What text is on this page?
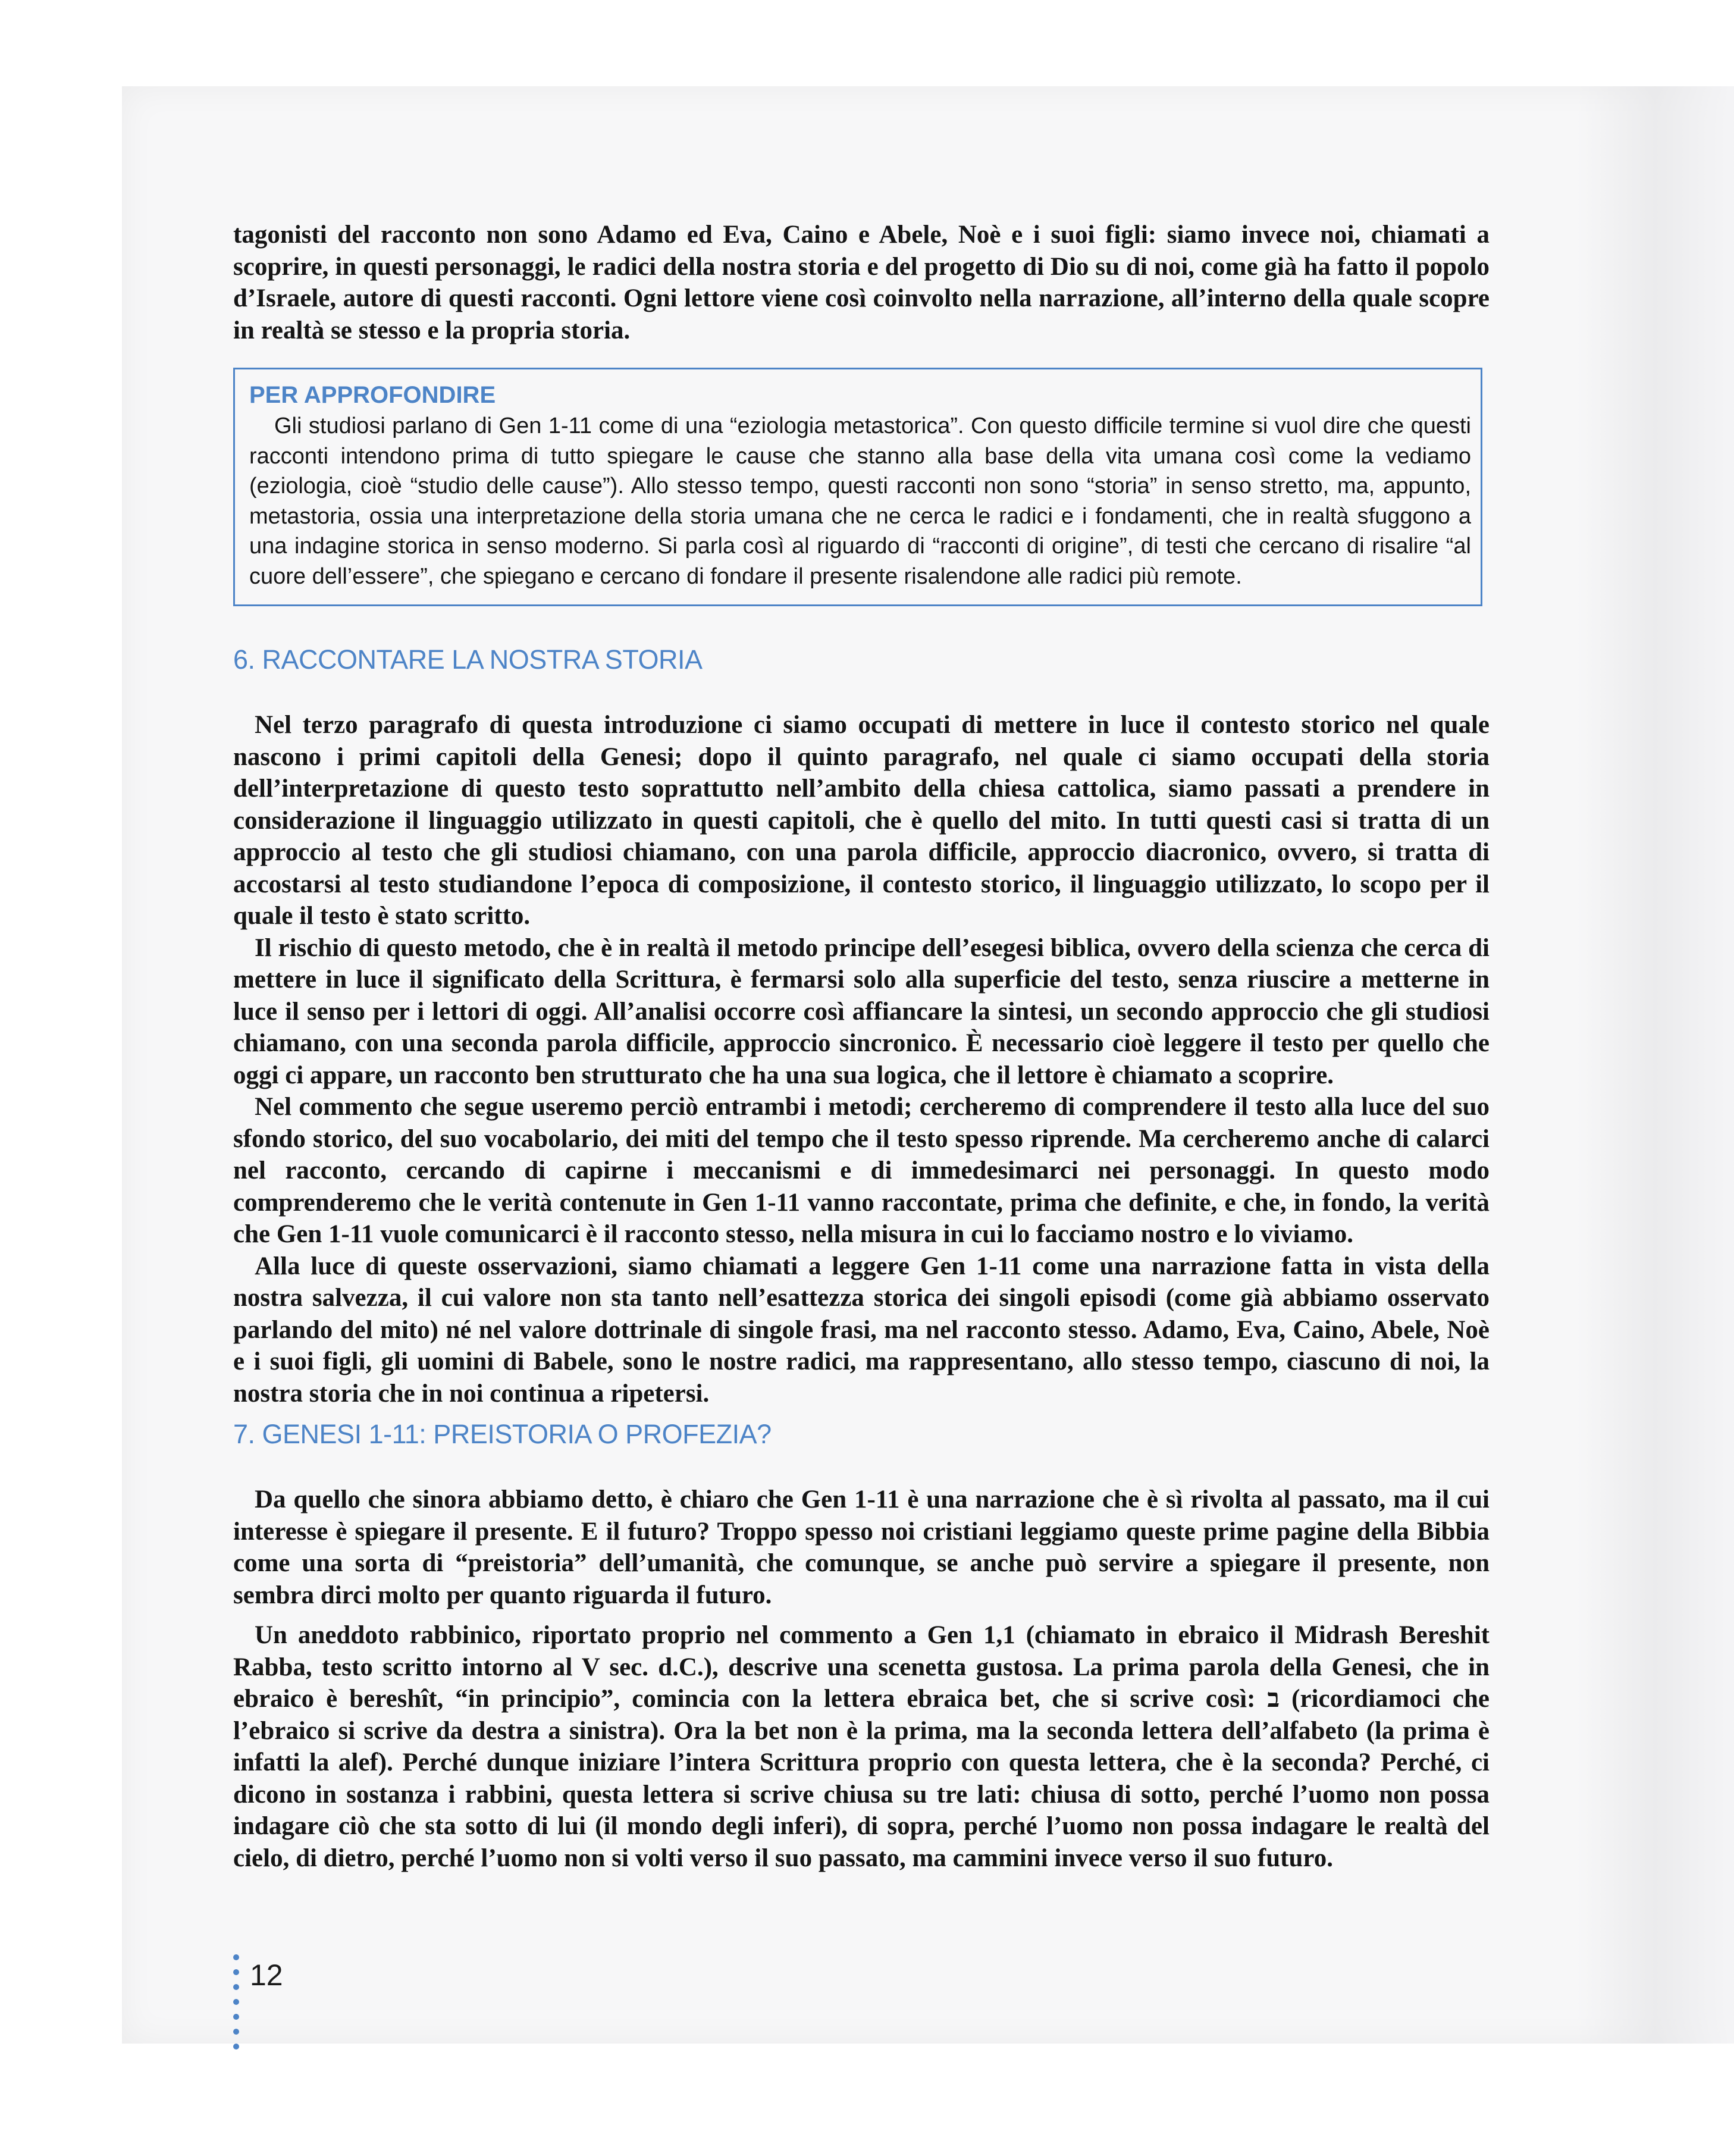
tagonisti del racconto non sono Adamo ed Eva, Caino e Abele, Noè e i suoi figli: siamo invece noi, chiamati a scoprire, in questi personaggi, le radici della nostra storia e del progetto di Dio su di noi, come già ha fatto il popolo d’Israele, autore di questi racconti. Ogni lettore viene così coinvolto nella narrazione, all’interno della quale scopre in realtà se stesso e la propria storia.

PER APPROFONDIRE

Gli studiosi parlano di Gen 1-11 come di una “eziologia metastorica”. Con questo difficile termine si vuol dire che questi racconti intendono prima di tutto spiegare le cause che stanno alla base della vita umana così come la vediamo (eziologia, cioè “studio delle cause”). Allo stesso tempo, questi racconti non sono “storia” in senso stretto, ma, appunto, metastoria, ossia una interpretazione della storia umana che ne cerca le radici e i fondamenti, che in realtà sfuggono a una indagine storica in senso moderno. Si parla così al riguardo di “racconti di origine”, di testi che cercano di risalire “al cuore dell’essere”, che spiegano e cercano di fondare il presente risalendone alle radici più remote.

6. RACCONTARE LA NOSTRA STORIA

Nel terzo paragrafo di questa introduzione ci siamo occupati di mettere in luce il contesto storico nel quale nascono i primi capitoli della Genesi; dopo il quinto paragrafo, nel quale ci siamo occupati della storia dell’interpretazione di questo testo soprattutto nell’ambito della chiesa cattolica, siamo passati a prendere in considerazione il linguaggio utilizzato in questi capitoli, che è quello del mito. In tutti questi casi si tratta di un approccio al testo che gli studiosi chiamano, con una parola difficile, approccio diacronico, ovvero, si tratta di accostarsi al testo studiandone l’epoca di composizione, il contesto storico, il linguaggio utilizzato, lo scopo per il quale il testo è stato scritto.

Il rischio di questo metodo, che è in realtà il metodo principe dell’esegesi biblica, ovvero della scienza che cerca di mettere in luce il significato della Scrittura, è fermarsi solo alla superficie del testo, senza riuscire a metterne in luce il senso per i lettori di oggi. All’analisi occorre così affiancare la sintesi, un secondo approccio che gli studiosi chiamano, con una seconda parola difficile, approccio sincronico. È necessario cioè leggere il testo per quello che oggi ci appare, un racconto ben strutturato che ha una sua logica, che il lettore è chiamato a scoprire.

Nel commento che segue useremo perciò entrambi i metodi; cercheremo di comprendere il testo alla luce del suo sfondo storico, del suo vocabolario, dei miti del tempo che il testo spesso riprende. Ma cercheremo anche di calarci nel racconto, cercando di capirne i meccanismi e di immedesimarci nei personaggi. In questo modo comprenderemo che le verità contenute in Gen 1-11 vanno raccontate, prima che definite, e che, in fondo, la verità che Gen 1-11 vuole comunicarci è il racconto stesso, nella misura in cui lo facciamo nostro e lo viviamo.

Alla luce di queste osservazioni, siamo chiamati a leggere Gen 1-11 come una narrazione fatta in vista della nostra salvezza, il cui valore non sta tanto nell’esattezza storica dei singoli episodi (come già abbiamo osservato parlando del mito) né nel valore dottrinale di singole frasi, ma nel racconto stesso. Adamo, Eva, Caino, Abele, Noè e i suoi figli, gli uomini di Babele, sono le nostre radici, ma rappresentano, allo stesso tempo, ciascuno di noi, la nostra storia che in noi continua a ripetersi.

7. GENESI 1-11: PREISTORIA O PROFEZIA?

Da quello che sinora abbiamo detto, è chiaro che Gen 1-11 è una narrazione che è sì rivolta al passato, ma il cui interesse è spiegare il presente. E il futuro? Troppo spesso noi cristiani leggiamo queste prime pagine della Bibbia come una sorta di “preistoria” dell’umanità, che comunque, se anche può servire a spiegare il presente, non sembra dirci molto per quanto riguarda il futuro.

Un aneddoto rabbinico, riportato proprio nel commento a Gen 1,1 (chiamato in ebraico il Midrash Bereshit Rabba, testo scritto intorno al V sec. d.C.), descrive una scenetta gustosa. La prima parola della Genesi, che in ebraico è bereshît, “in principio”, comincia con la lettera ebraica bet, che si scrive così: ב (ricordiamoci che l’ebraico si scrive da destra a sinistra). Ora la bet non è la prima, ma la seconda lettera dell’alfabeto (la prima è infatti la alef). Perché dunque iniziare l’intera Scrittura proprio con questa lettera, che è la seconda? Perché, ci dicono in sostanza i rabbini, questa lettera si scrive chiusa su tre lati: chiusa di sotto, perché l’uomo non possa indagare ciò che sta sotto di lui (il mondo degli inferi), di sopra, perché l’uomo non possa indagare le realtà del cielo, di dietro, perché l’uomo non si volti verso il suo passato, ma cammini invece verso il suo futuro.

12
